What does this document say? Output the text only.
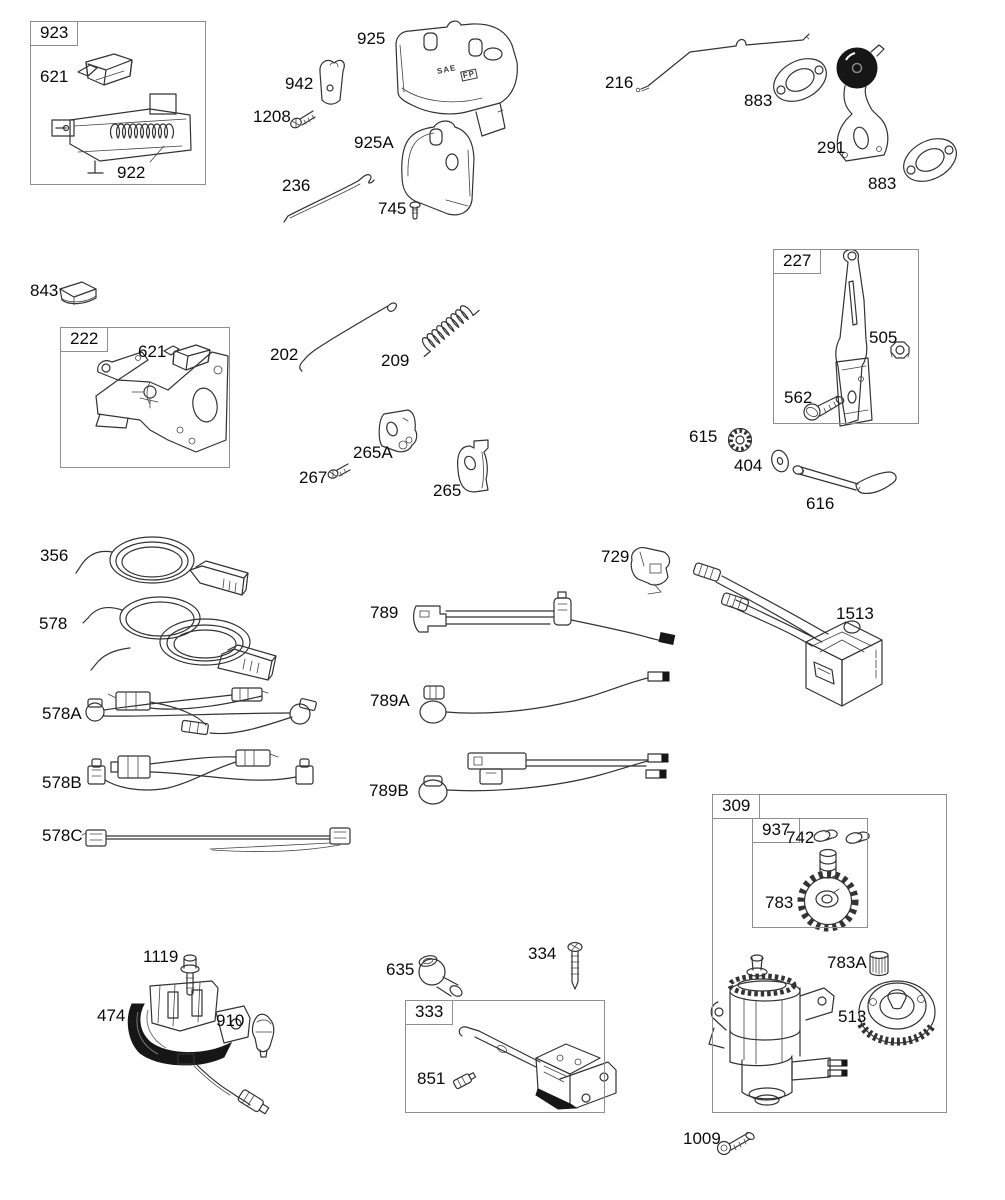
923
222
227
309
937
333
621
922
925
942
1208
925A
236
745
216
883
291
883
505
562
843
621	202	209
265A
267
265
615
404
616
356
578
729
789	1513
578A
789A
578B	789B
578C	742
783
783A
513
1119
474	910
635
334
851
1009
SAE FP
